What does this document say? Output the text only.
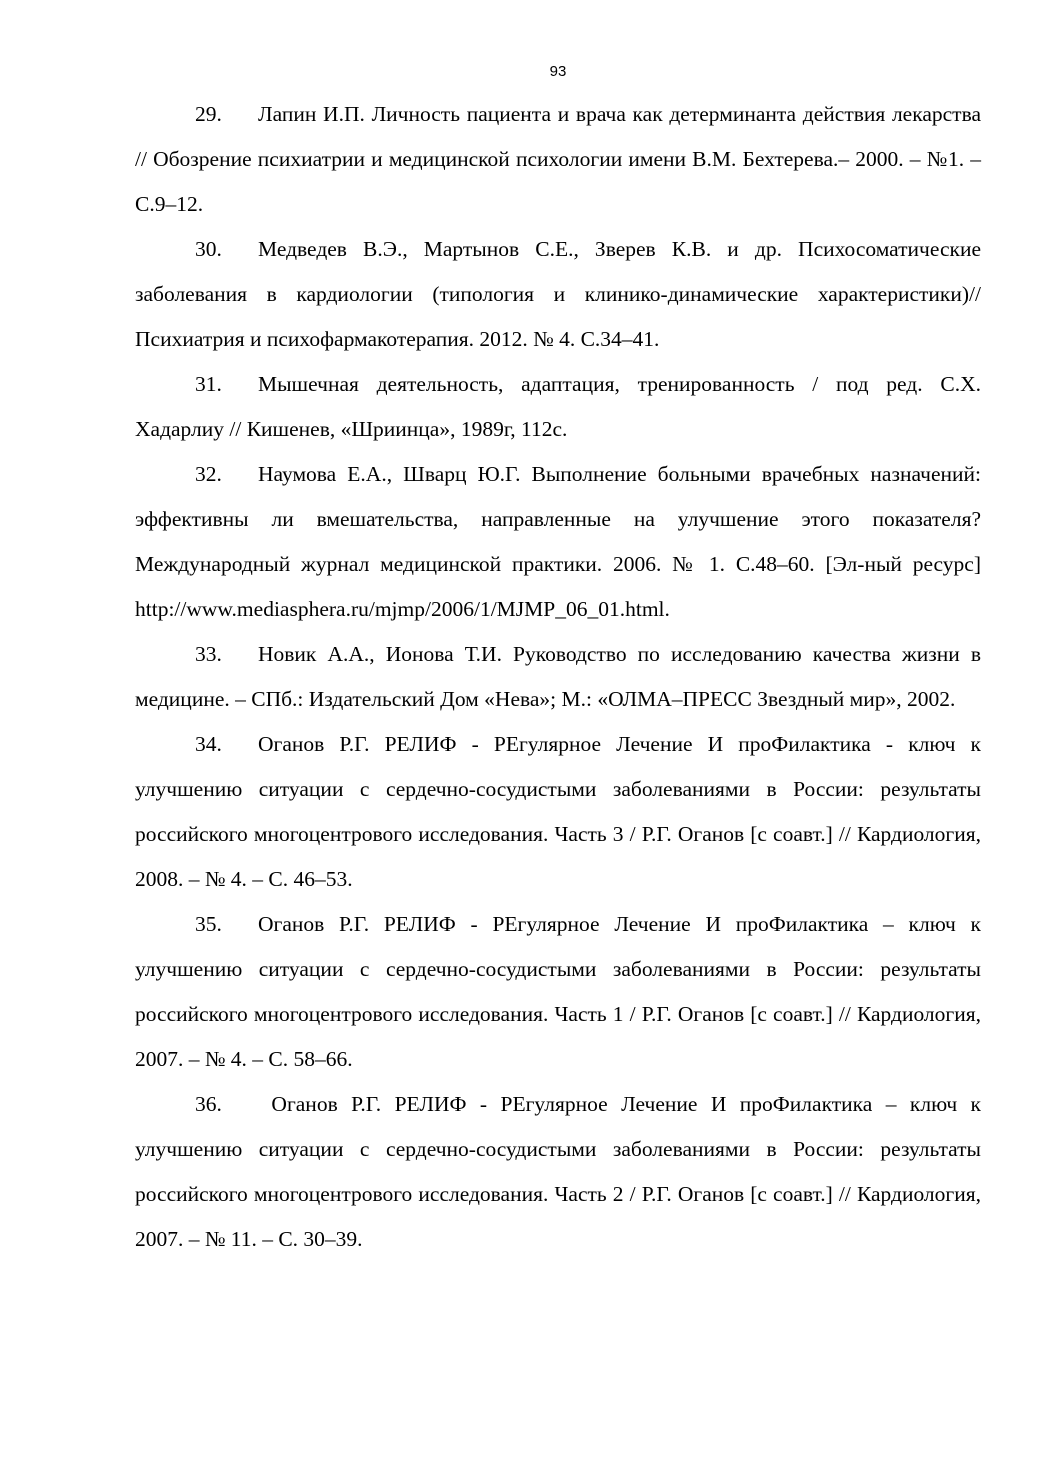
93

29. Лапин И.П. Личность пациента и врача как детерминанта действия лекарства // Обозрение психиатрии и медицинской психологии имени В.М. Бехтерева.– 2000. – №1. – С.9–12.

30. Медведев В.Э., Мартынов С.Е., Зверев К.В. и др. Психосоматические заболевания в кардиологии (типология и клинико-динамические характеристики)// Психиатрия и психофармакотерапия. 2012. № 4. С.34–41.

31. Мышечная деятельность, адаптация, тренированность / под ред. С.Х. Хадарлиу // Кишенев, «Шриинца», 1989г, 112с.

32. Наумова Е.А., Шварц Ю.Г. Выполнение больными врачебных назначений: эффективны ли вмешательства, направленные на улучшение этого показателя? Международный журнал медицинской практики. 2006. № 1. С.48–60. [Эл-ный ресурс] http://www.mediasphera.ru/mjmp/2006/1/MJMP_06_01.html.

33. Новик А.А., Ионова Т.И. Руководство по исследованию качества жизни в медицине. – СПб.: Издательский Дом «Нева»; М.: «ОЛМА–ПРЕСС Звездный мир», 2002.

34. Оганов Р.Г. РЕЛИФ - РЕгулярное Лечение И проФилактика - ключ к улучшению ситуации с сердечно-сосудистыми заболеваниями в России: результаты российского многоцентрового исследования. Часть 3 / Р.Г. Оганов [с соавт.] // Кардиология, 2008. – № 4. – С. 46–53.

35. Оганов Р.Г. РЕЛИФ - РЕгулярное Лечение И проФилактика – ключ к улучшению ситуации с сердечно-сосудистыми заболеваниями в России: результаты российского многоцентрового исследования. Часть 1 / Р.Г. Оганов [с соавт.] // Кардиология, 2007. – № 4. – С. 58–66.

36. Оганов Р.Г. РЕЛИФ - РЕгулярное Лечение И проФилактика – ключ к улучшению ситуации с сердечно-сосудистыми заболеваниями в России: результаты российского многоцентрового исследования. Часть 2 / Р.Г. Оганов [с соавт.] // Кардиология, 2007. – № 11. – С. 30–39.
